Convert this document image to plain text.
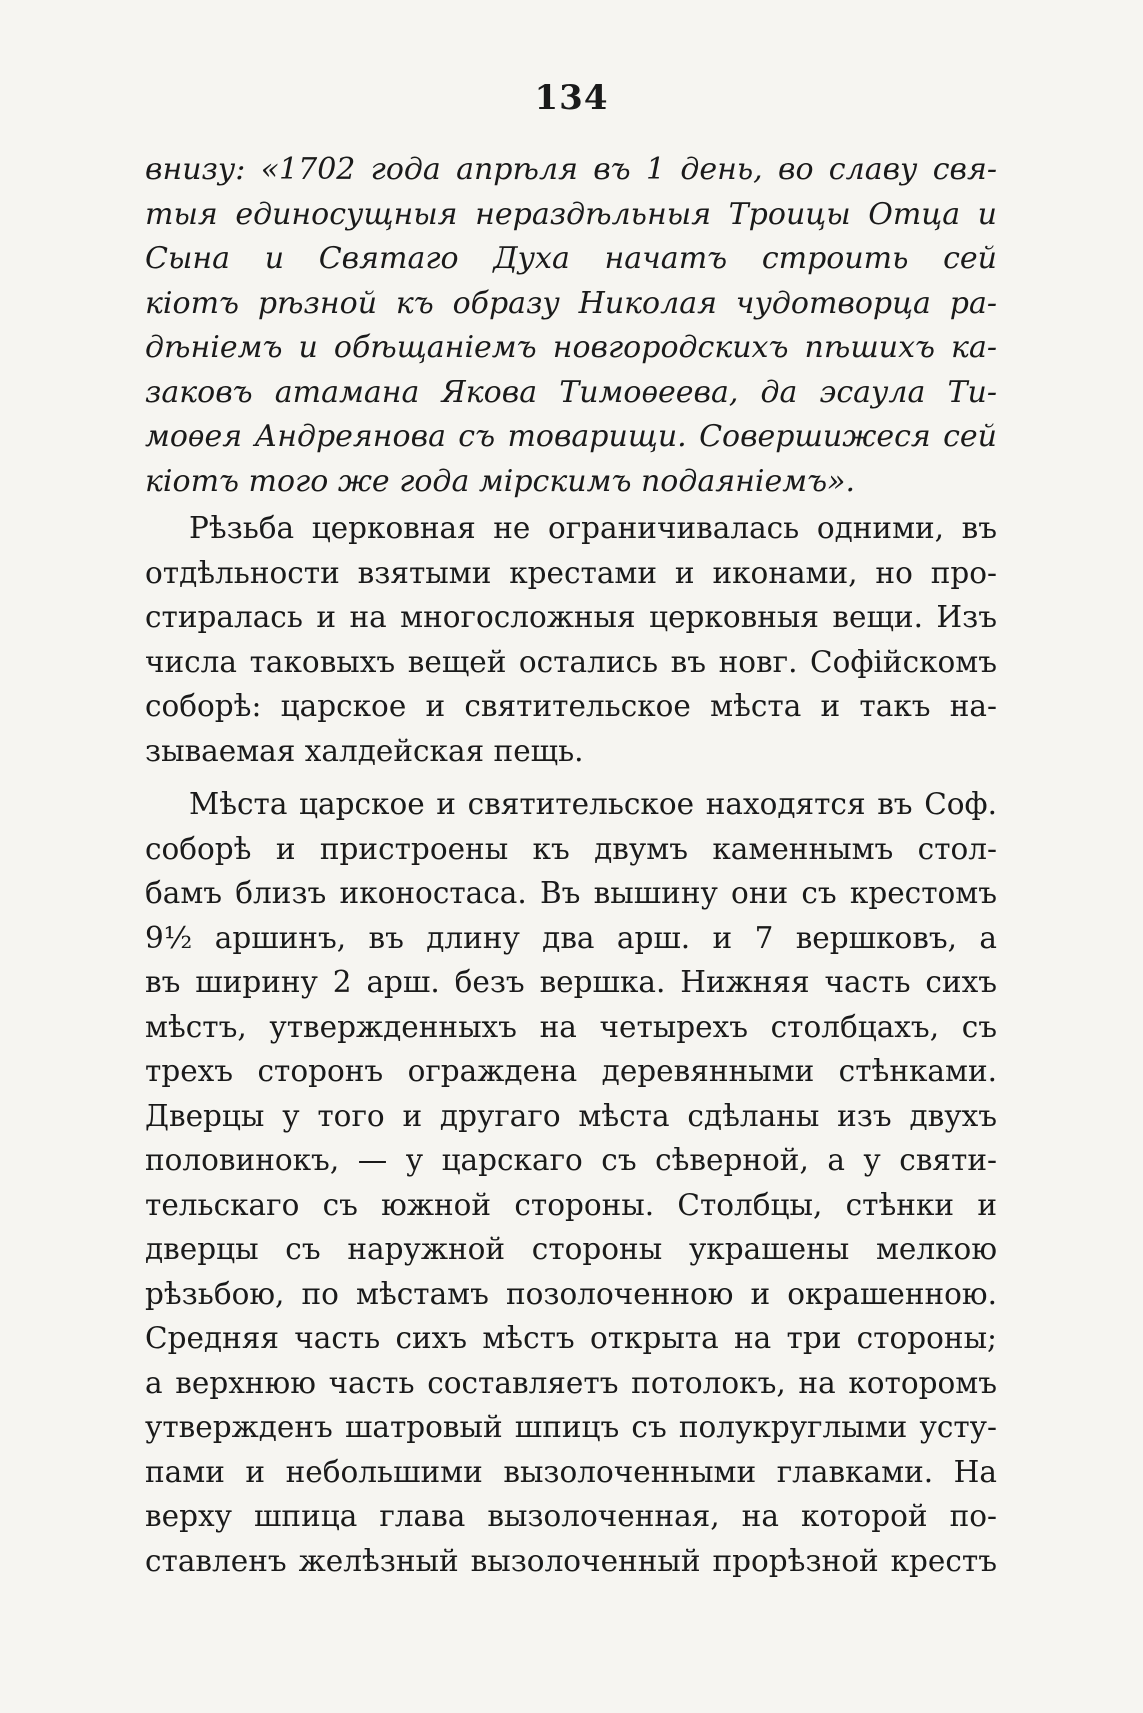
134
внизу: «1702 года апрѣля въ 1 день, во славу свя-
тыя единосущныя нераздѣльныя Троицы Отца и
Сына и Святаго Духа начатъ строить сей
кіотъ рѣзной къ образу Николая чудотворца ра-
дѣніемъ и обѣщаніемъ новгородскихъ пѣшихъ ка-
заковъ атамана Якова Тимоѳеева, да эсаула Ти-
моѳея Андреянова съ товарищи. Совершижеся сей
кіотъ того же года мірскимъ подаяніемъ».
Рѣзьба церковная не ограничивалась одними, въ
отдѣльности взятыми крестами и иконами, но про-
стиралась и на многосложныя церковныя вещи. Изъ
числа таковыхъ вещей остались въ новг. Софійскомъ
соборѣ: царское и святительское мѣста и такъ на-
зываемая халдейская пещь.
Мѣста царское и святительское находятся въ Соф.
соборѣ и пристроены къ двумъ каменнымъ стол-
бамъ близъ иконостаса. Въ вышину они съ крестомъ
9½ аршинъ, въ длину два арш. и 7 вершковъ, а
въ ширину 2 арш. безъ вершка. Нижняя часть сихъ
мѣстъ, утвержденныхъ на четырехъ столбцахъ, съ
трехъ сторонъ ограждена деревянными стѣнками.
Дверцы у того и другаго мѣста сдѣланы изъ двухъ
половинокъ, — у царскаго съ сѣверной, а у святи-
тельскаго съ южной стороны. Столбцы, стѣнки и
дверцы съ наружной стороны украшены мелкою
рѣзьбою, по мѣстамъ позолоченною и окрашенною.
Средняя часть сихъ мѣстъ открыта на три стороны;
а верхнюю часть составляетъ потолокъ, на которомъ
утвержденъ шатровый шпицъ съ полукруглыми усту-
пами и небольшими вызолоченными главками. На
верху шпица глава вызолоченная, на которой по-
ставленъ желѣзный вызолоченный прорѣзной крестъ
